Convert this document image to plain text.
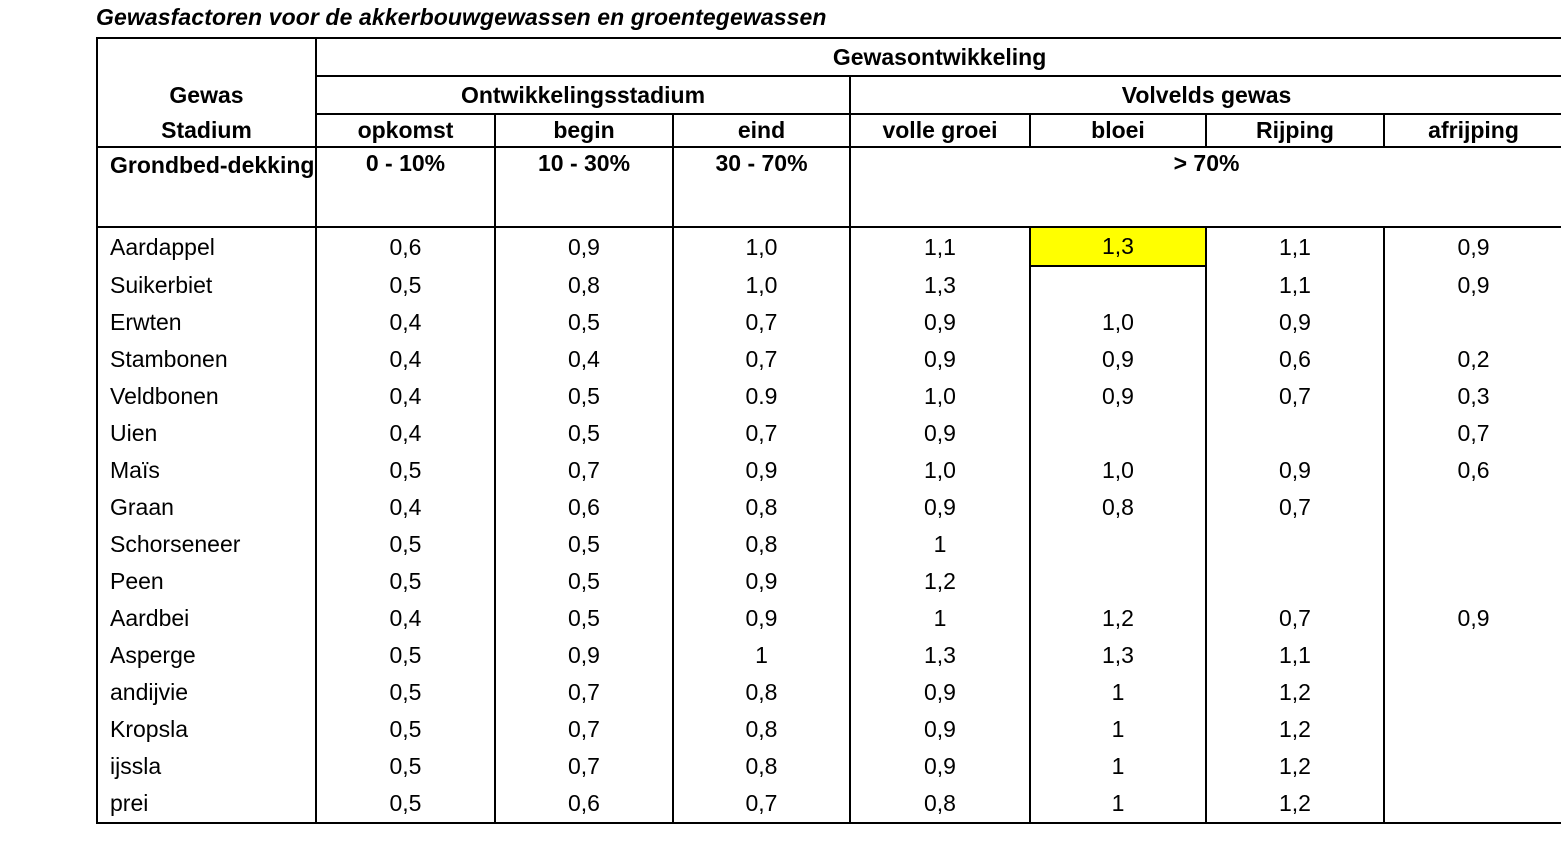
Gewasfactoren voor de akkerbouwgewassen en groentegewassen
	Gewasontwikkeling						
Gewas	Ontwikkelingsstadium			Volvelds gewas			
Stadium	opkomst	begin	eind	volle groei	bloei	Rijping	afrijping
Grondbed-dekking	0 - 10%	10 - 30%	30 - 70%	> 70%			
Aardappel	0,6	0,9	1,0	1,1	1,3	1,1	0,9
Suikerbiet	0,5	0,8	1,0	1,3		1,1	0,9
Erwten	0,4	0,5	0,7	0,9	1,0	0,9	
Stambonen	0,4	0,4	0,7	0,9	0,9	0,6	0,2
Veldbonen	0,4	0,5	0.9	1,0	0,9	0,7	0,3
Uien	0,4	0,5	0,7	0,9			0,7
Maïs	0,5	0,7	0,9	1,0	1,0	0,9	0,6
Graan	0,4	0,6	0,8	0,9	0,8	0,7	
Schorseneer	0,5	0,5	0,8	1			
Peen	0,5	0,5	0,9	1,2			
Aardbei	0,4	0,5	0,9	1	1,2	0,7	0,9
Asperge	0,5	0,9	1	1,3	1,3	1,1	
andijvie	0,5	0,7	0,8	0,9	1	1,2	
Kropsla	0,5	0,7	0,8	0,9	1	1,2	
ijssla	0,5	0,7	0,8	0,9	1	1,2	
prei	0,5	0,6	0,7	0,8	1	1,2	
